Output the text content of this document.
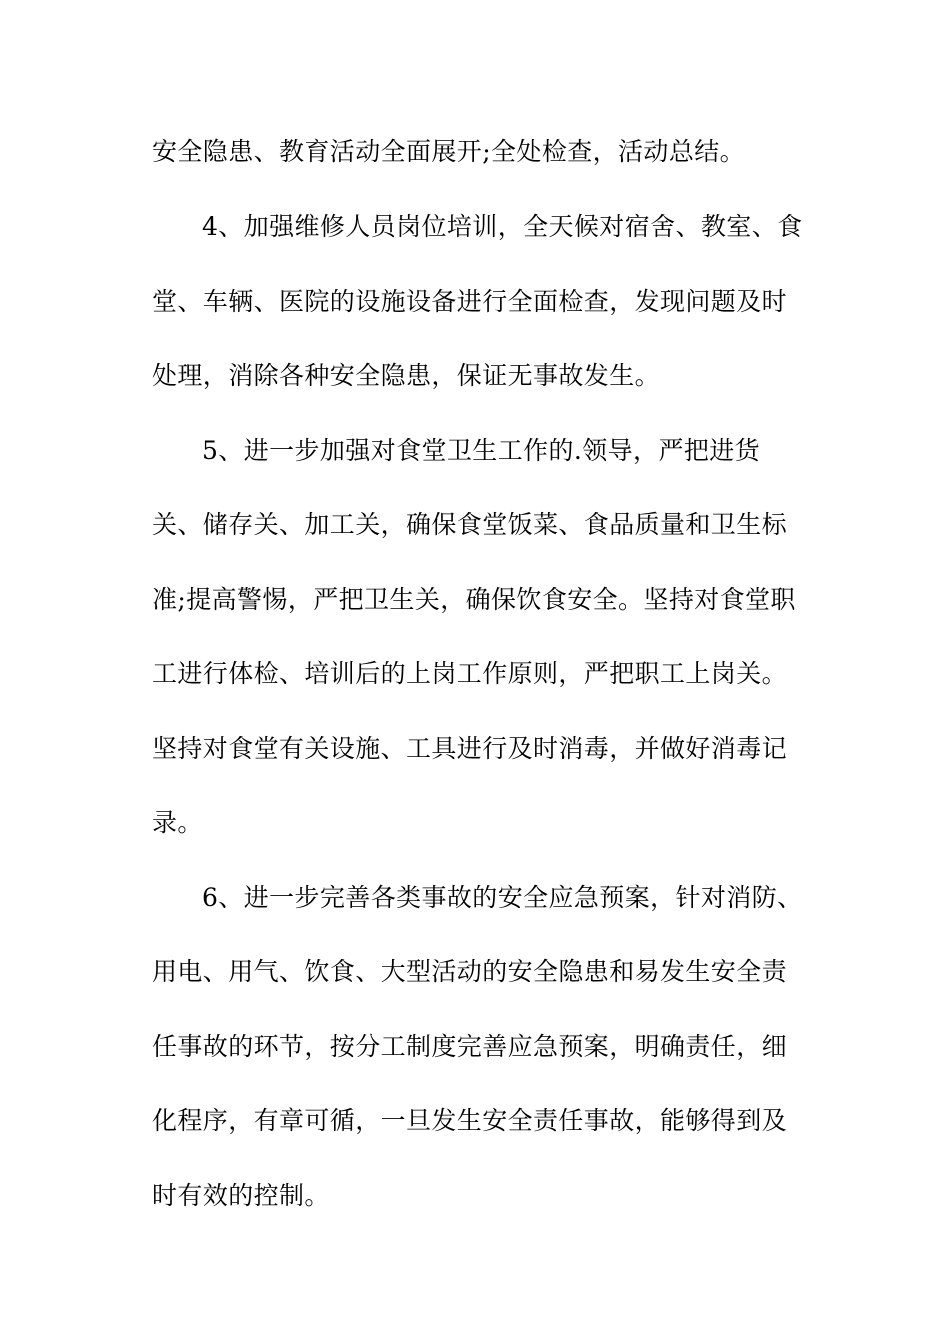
安全隐患、教育活动全面展开;全处检查，活动总结。
4、加强维修人员岗位培训，全天候对宿舍、教室、食
堂、车辆、医院的设施设备进行全面检查，发现问题及时
处理，消除各种安全隐患，保证无事故发生。
5、进一步加强对食堂卫生工作的.领导，严把进货
关、储存关、加工关，确保食堂饭菜、食品质量和卫生标
准;提高警惕，严把卫生关，确保饮食安全。坚持对食堂职
工进行体检、培训后的上岗工作原则，严把职工上岗关。
坚持对食堂有关设施、工具进行及时消毒，并做好消毒记
录。
6、进一步完善各类事故的安全应急预案，针对消防、
用电、用气、饮食、大型活动的安全隐患和易发生安全责
任事故的环节，按分工制度完善应急预案，明确责任，细
化程序，有章可循，一旦发生安全责任事故，能够得到及
时有效的控制。
